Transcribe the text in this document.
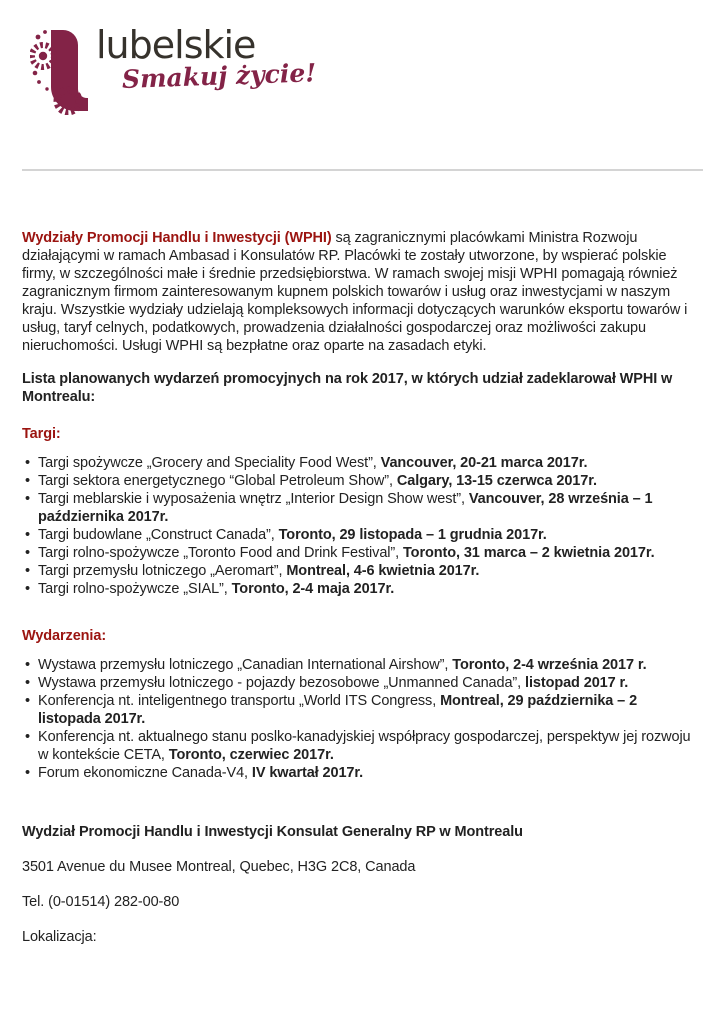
lubelskie
Smakuj życie!

Wydziały Promocji Handlu i Inwestycji (WPHI) są zagranicznymi placówkami Ministra Rozwoju działającymi w ramach Ambasad i Konsulatów RP. Placówki te zostały utworzone, by wspierać polskie firmy, w szczególności małe i średnie przedsiębiorstwa. W ramach swojej misji WPHI pomagają również zagranicznym firmom zainteresowanym kupnem polskich towarów i usług oraz inwestycjami w naszym kraju. Wszystkie wydziały udzielają kompleksowych informacji dotyczących warunków eksportu towarów i usług, taryf celnych, podatkowych, prowadzenia działalności gospodarczej oraz możliwości zakupu nieruchomości. Usługi WPHI są bezpłatne oraz oparte na zasadach etyki.

Lista planowanych wydarzeń promocyjnych na rok 2017, w których udział zadeklarował WPHI w Montrealu:

Targi:
• Targi spożywcze „Grocery and Speciality Food West”, Vancouver, 20-21 marca 2017r.
• Targi sektora energetycznego “Global Petroleum Show”, Calgary, 13-15 czerwca 2017r.
• Targi meblarskie i wyposażenia wnętrz „Interior Design Show west”, Vancouver, 28 września – 1 października 2017r.
• Targi budowlane „Construct Canada”, Toronto, 29 listopada – 1 grudnia 2017r.
• Targi rolno-spożywcze „Toronto Food and Drink Festival”, Toronto, 31 marca – 2 kwietnia 2017r.
• Targi przemysłu lotniczego „Aeromart”, Montreal, 4-6 kwietnia 2017r.
• Targi rolno-spożywcze „SIAL”, Toronto, 2-4 maja 2017r.
Wydarzenia:
• Wystawa przemysłu lotniczego „Canadian International Airshow”, Toronto, 2-4 września 2017 r.
• Wystawa przemysłu lotniczego - pojazdy bezosobowe „Unmanned Canada”, listopad 2017 r.
• Konferencja nt. inteligentnego transportu „World ITS Congress, Montreal, 29 października – 2 listopada 2017r.
• Konferencja nt. aktualnego stanu poslko-kanadyjskiej współpracy gospodarczej, perspektyw jej rozwoju w kontekście CETA, Toronto, czerwiec 2017r.
• Forum ekonomiczne Canada-V4, IV kwartał 2017r.

Wydział Promocji Handlu i Inwestycji Konsulat Generalny RP w Montrealu

3501 Avenue du Musee Montreal, Quebec, H3G 2C8, Canada

Tel. (0-01514) 282-00-80

Lokalizacja:
